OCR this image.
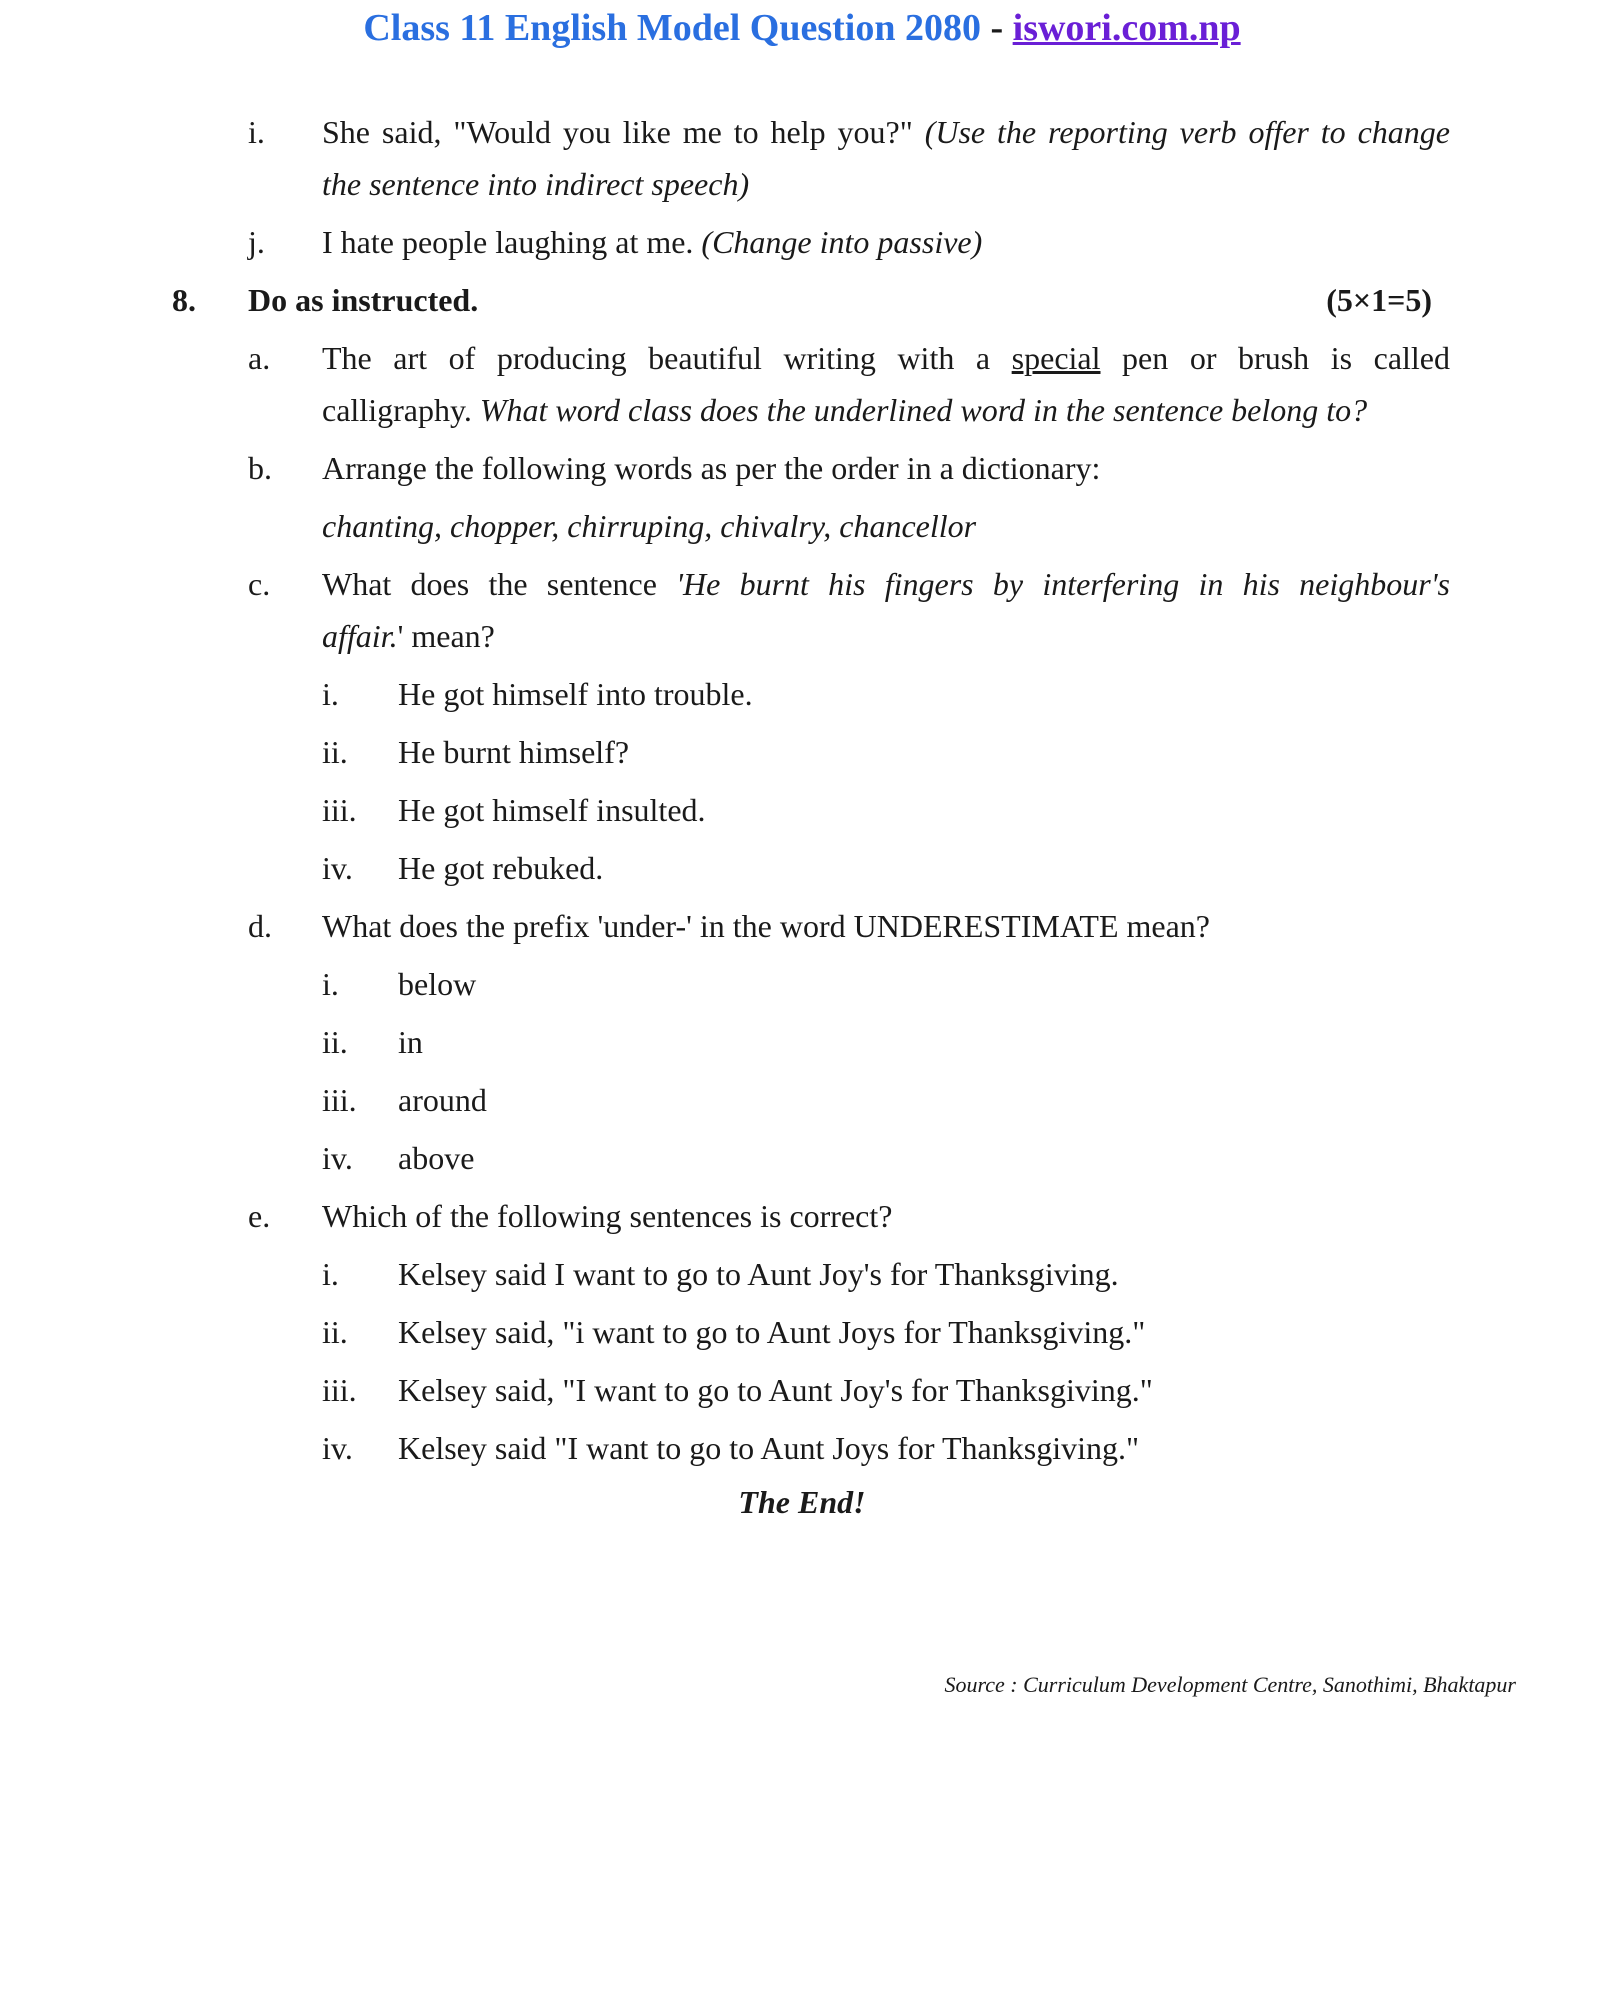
Class 11 English Model Question 2080 - iswori.com.np
i. She said, "Would you like me to help you?" (Use the reporting verb offer to change
the sentence into indirect speech)
j. I hate people laughing at me. (Change into passive)
8. Do as instructed.	(5×1=5)
a. The art of producing beautiful writing with a special pen or brush is called
calligraphy. What word class does the underlined word in the sentence belong to?
b. Arrange the following words as per the order in a dictionary:
chanting, chopper, chirruping, chivalry, chancellor
c. What does the sentence 'He burnt his fingers by interfering in his neighbour's
affair.' mean?
i. He got himself into trouble.
ii. He burnt himself?
iii. He got himself insulted.
iv. He got rebuked.
d. What does the prefix 'under-' in the word UNDERESTIMATE mean?
i. below
ii. in
iii. around
iv. above
e. Which of the following sentences is correct?
i. Kelsey said I want to go to Aunt Joy's for Thanksgiving.
ii. Kelsey said, "i want to go to Aunt Joys for Thanksgiving."
iii. Kelsey said, "I want to go to Aunt Joy's for Thanksgiving."
iv. Kelsey said "I want to go to Aunt Joys for Thanksgiving."
The End!
Source : Curriculum Development Centre, Sanothimi, Bhaktapur
